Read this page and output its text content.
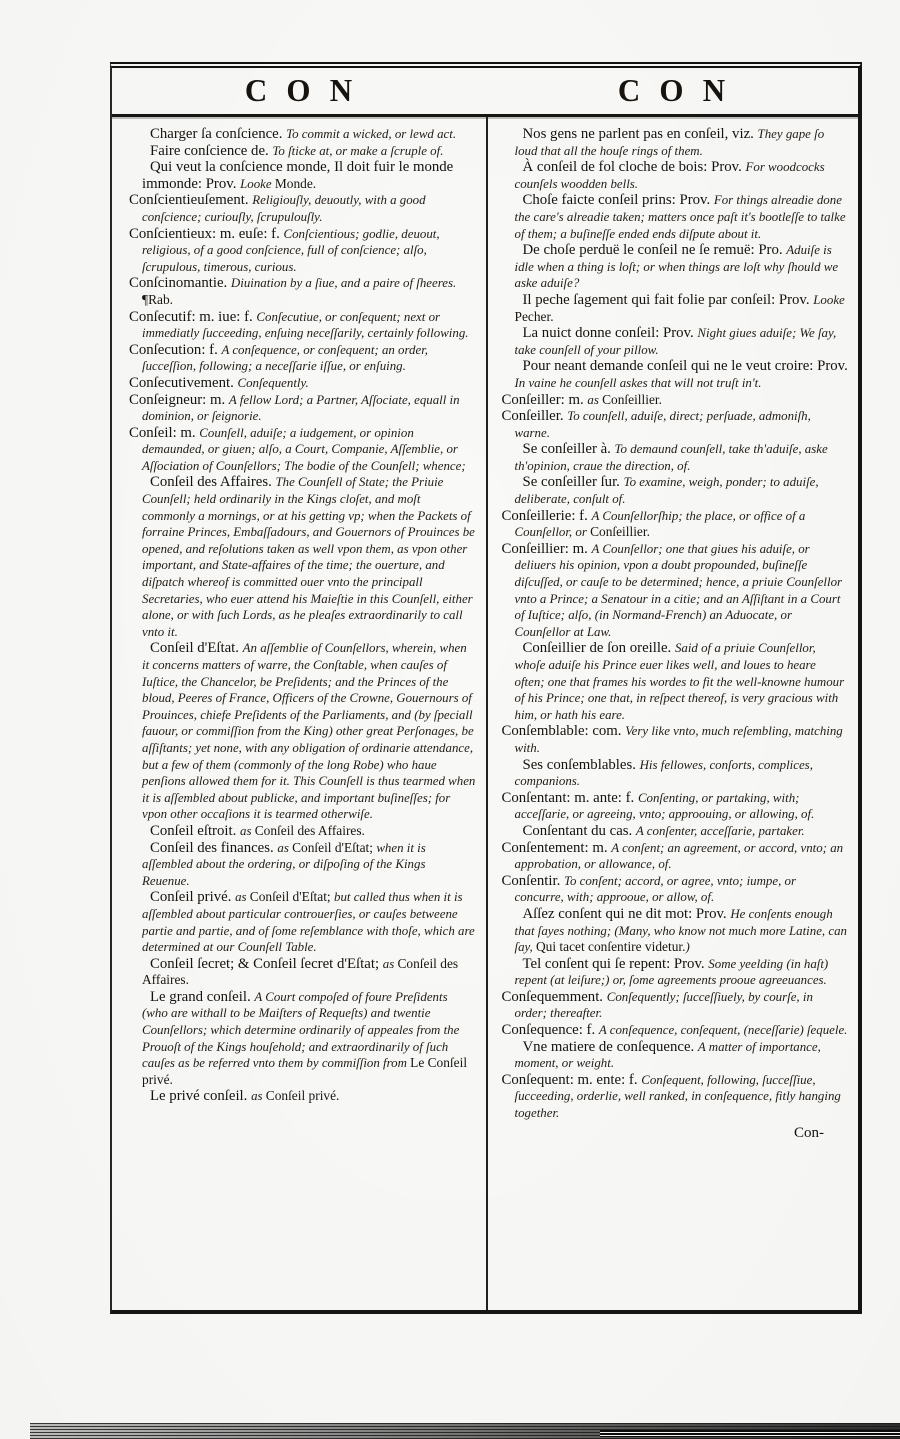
CON	CON

Charger ſa conſcience. To commit a wicked, or lewd act.

Faire conſcience de. To ſticke at, or make a ſcruple of.

Qui veut la conſcience monde, Il doit fuir le monde immonde: Prov. Looke Monde.

Conſcientieuſement. Religiouſly, deuoutly, with a good conſcience; curiouſly, ſcrupulouſly.

Conſcientieux: m. euſe: f. Conſcientious; godlie, deuout, religious, of a good conſcience, full of conſcience; alſo, ſcrupulous, timerous, curious.

Conſcinomantie. Diuination by a ſiue, and a paire of ſheeres. ¶Rab.

Conſecutif: m. iue: f. Conſecutiue, or conſequent; next or immediatly ſucceeding, enſuing neceſſarily, certainly following.

Conſecution: f. A conſequence, or conſequent; an order, ſucceſſion, following; a neceſſarie iſſue, or enſuing.

Conſecutivement. Conſequently.

Conſeigneur: m. A fellow Lord; a Partner, Aſſociate, equall in dominion, or ſeignorie.

Conſeil: m. Counſell, aduiſe; a iudgement, or opinion demaunded, or giuen; alſo, a Court, Companie, Aſſemblie, or Aſſociation of Counſellors; The bodie of the Counſell; whence;

Conſeil des Affaires. The Counſell of State; the Priuie Counſell; held ordinarily in the Kings cloſet, and moſt commonly a mornings, or at his getting vp; when the Packets of forraine Princes, Embaſſadours, and Gouernors of Prouinces be opened, and reſolutions taken as well vpon them, as vpon other important, and State-affaires of the time; the ouerture, and diſpatch whereof is committed ouer vnto the principall Secretaries, who euer attend his Maieſtie in this Counſell, either alone, or with ſuch Lords, as he pleaſes extraordinarily to call vnto it.

Conſeil d'Eſtat. An aſſemblie of Counſellors, wherein, when it concerns matters of warre, the Conſtable, when cauſes of Iuſtice, the Chancelor, be Preſidents; and the Princes of the bloud, Peeres of France, Officers of the Crowne, Gouernours of Prouinces, chiefe Preſidents of the Parliaments, and (by ſpeciall fauour, or commiſſion from the King) other great Perſonages, be aſſiſtants; yet none, with any obligation of ordinarie attendance, but a few of them (commonly of the long Robe) who haue penſions allowed them for it. This Counſell is thus tearmed when it is aſſembled about publicke, and important buſineſſes; for vpon other occaſions it is tearmed otherwiſe.

Conſeil eſtroit. as Conſeil des Affaires.

Conſeil des finances. as Conſeil d'Eſtat; when it is aſſembled about the ordering, or diſpoſing of the Kings Reuenue.

Conſeil privé. as Conſeil d'Eſtat; but called thus when it is aſſembled about particular controuerſies, or cauſes betweene partie and partie, and of ſome reſemblance with thoſe, which are determined at our Counſell Table.

Conſeil ſecret; & Conſeil ſecret d'Eſtat; as Conſeil des Affaires.

Le grand conſeil. A Court compoſed of foure Preſidents (who are withall to be Maiſters of Requeſts) and twentie Counſellors; which determine ordinarily of appeales from the Prouoſt of the Kings houſehold; and extraordinarily of ſuch cauſes as be referred vnto them by commiſſion from Le Conſeil privé.

Le privé conſeil. as Conſeil privé.

Nos gens ne parlent pas en conſeil, viz. They gape ſo loud that all the houſe rings of them.

À conſeil de fol cloche de bois: Prov. For woodcocks counſels woodden bells.

Choſe faicte conſeil prins: Prov. For things alreadie done the care's alreadie taken; matters once paſt it's bootleſſe to talke of them; a buſineſſe ended ends diſpute about it.

De choſe perduë le conſeil ne ſe remuë: Pro. Aduiſe is idle when a thing is loſt; or when things are loſt why ſhould we aske aduiſe?

Il peche ſagement qui fait folie par conſeil: Prov. Looke Pecher.

La nuict donne conſeil: Prov. Night giues aduiſe; We ſay, take counſell of your pillow.

Pour neant demande conſeil qui ne le veut croire: Prov. In vaine he counſell askes that will not truſt in't.

Conſeiller: m. as Conſeillier.

Conſeiller. To counſell, aduiſe, direct; perſuade, admoniſh, warne.

Se conſeiller à. To demaund counſell, take th'aduiſe, aske th'opinion, craue the direction, of.

Se conſeiller ſur. To examine, weigh, ponder; to aduiſe, deliberate, conſult of.

Conſeillerie: f. A Counſellorſhip; the place, or office of a Counſellor, or Conſeillier.

Conſeillier: m. A Counſellor; one that giues his aduiſe, or deliuers his opinion, vpon a doubt propounded, buſineſſe diſcuſſed, or cauſe to be determined; hence, a priuie Counſellor vnto a Prince; a Senatour in a citie; and an Aſſiſtant in a Court of Iuſtice; alſo, (in Normand-French) an Aduocate, or Counſellor at Law.

Conſeillier de ſon oreille. Said of a priuie Counſellor, whoſe aduiſe his Prince euer likes well, and loues to heare often; one that frames his wordes to fit the well-knowne humour of his Prince; one that, in reſpect thereof, is very gracious with him, or hath his eare.

Conſemblable: com. Very like vnto, much reſembling, matching with.

Ses conſemblables. His fellowes, conſorts, complices, companions.

Conſentant: m. ante: f. Conſenting, or partaking, with; acceſſarie, or agreeing, vnto; approouing, or allowing, of.

Conſentant du cas. A conſenter, acceſſarie, partaker.

Conſentement: m. A conſent; an agreement, or accord, vnto; an approbation, or allowance, of.

Conſentir. To conſent; accord, or agree, vnto; iumpe, or concurre, with; approoue, or allow, of.

Aſſez conſent qui ne dit mot: Prov. He conſents enough that ſayes nothing; (Many, who know not much more Latine, can ſay, Qui tacet conſentire videtur.)

Tel conſent qui ſe repent: Prov. Some yeelding (in haſt) repent (at leiſure;) or, ſome agreements prooue agreeuances.

Conſequemment. Conſequently; ſucceſſiuely, by courſe, in order; thereafter.

Conſequence: f. A conſequence, conſequent, (neceſſarie) ſequele.

Vne matiere de conſequence. A matter of importance, moment, or weight.

Conſequent: m. ente: f. Conſequent, following, ſucceſſiue, ſucceeding, orderlie, well ranked, in conſequence, fitly hanging together.

Con-
